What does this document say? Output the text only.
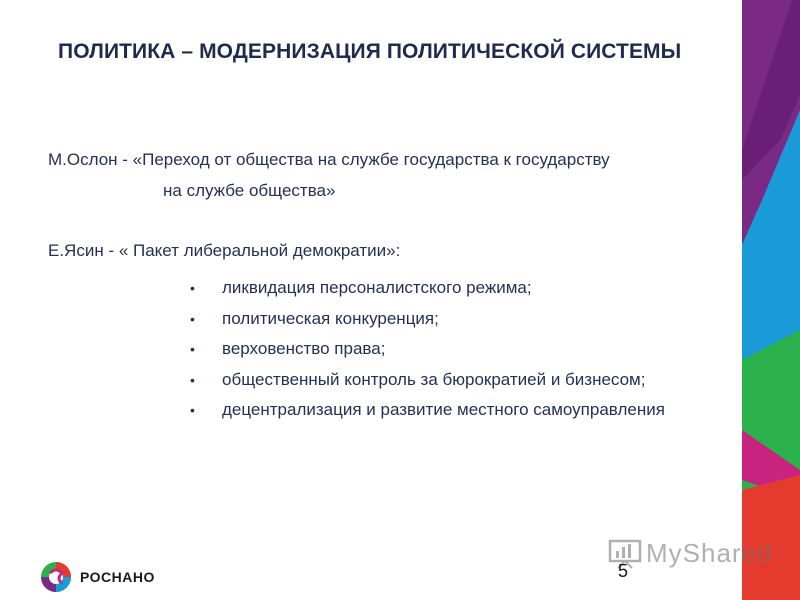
ПОЛИТИКА – МОДЕРНИЗАЦИЯ ПОЛИТИЧЕСКОЙ СИСТЕМЫ
М.Ослон - «Переход от общества на службе государства к государству
на службе общества»
Е.Ясин - « Пакет либеральной демократии»:
• ликвидация персоналистского режима;
• политическая конкуренция;
• верховенство права;
• общественный контроль за бюрократией и бизнесом;
• децентрализация и развитие местного самоуправления
MyShared
5
РОСНАНО
